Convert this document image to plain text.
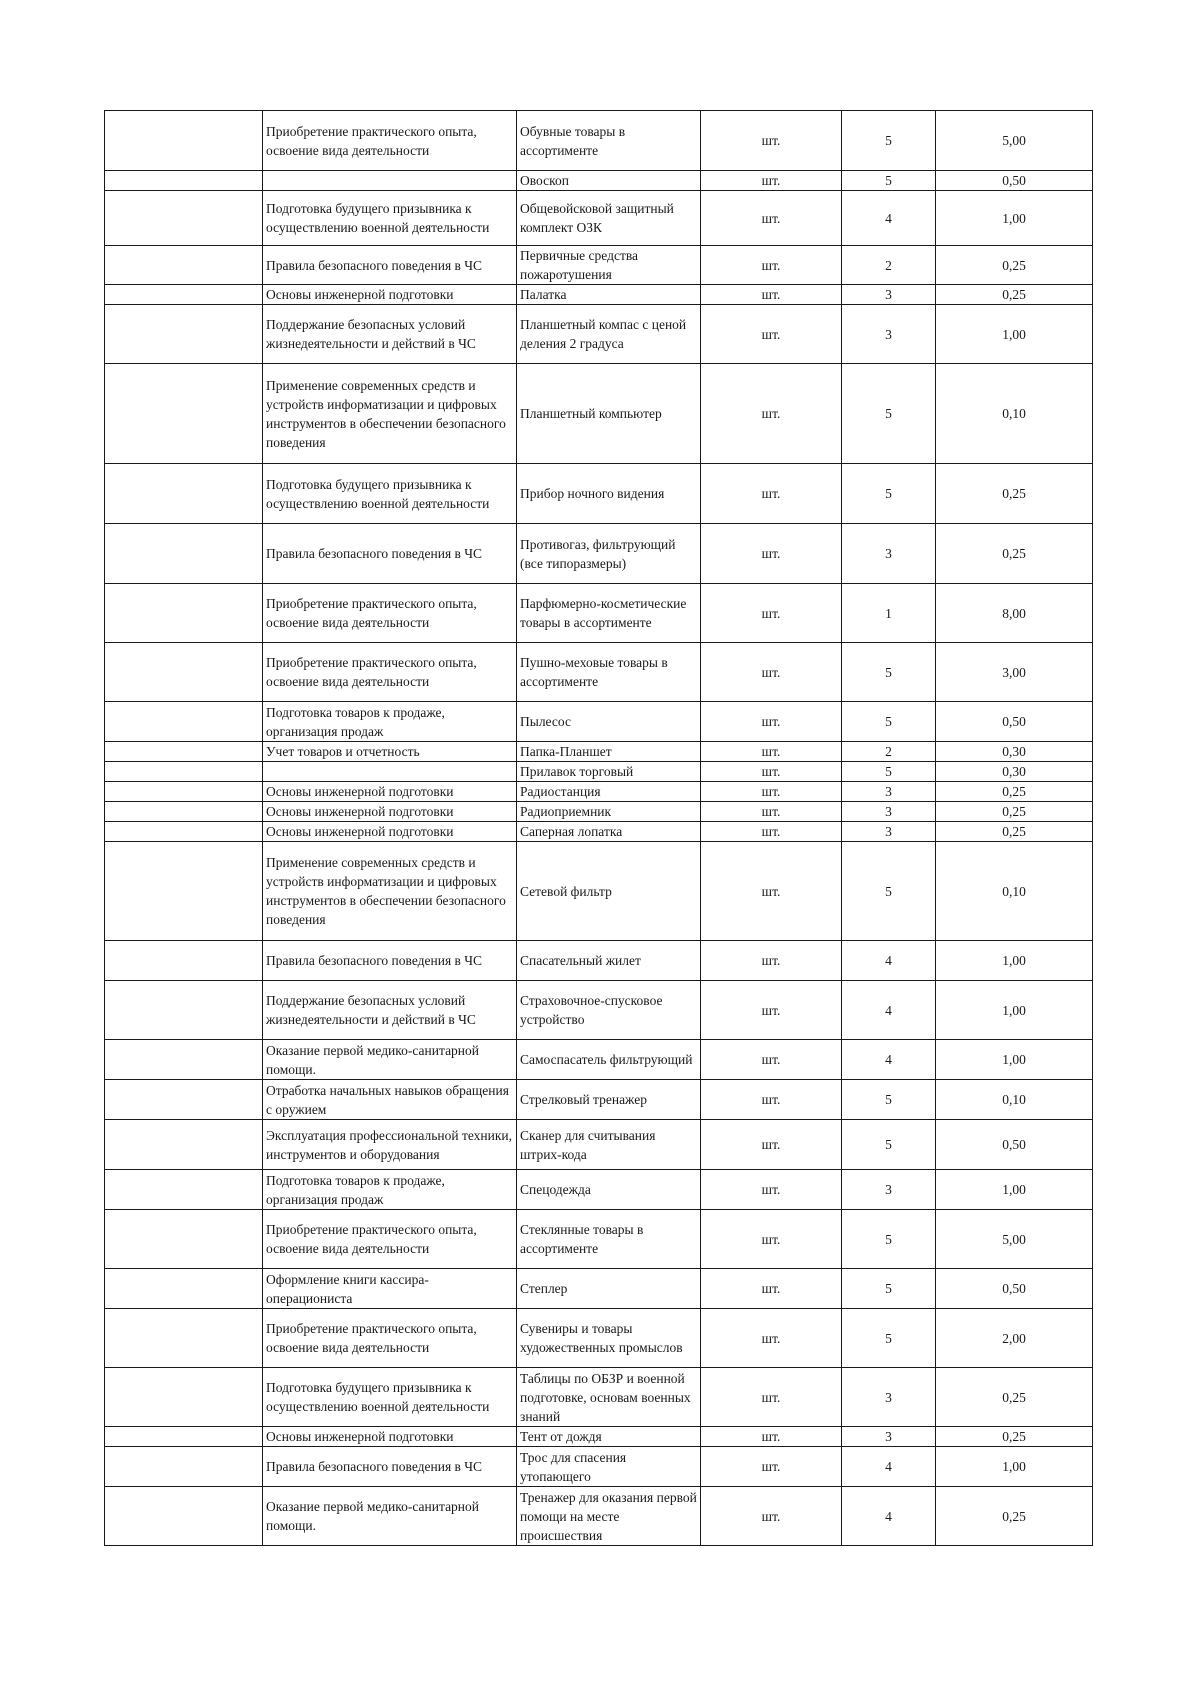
	Приобретение практического опыта, освоение вида деятельности	Обувные товары в ассортименте	шт.	5	5,00
		Овоскоп	шт.	5	0,50
	Подготовка будущего призывника к осуществлению военной деятельности	Общевойсковой защитный комплект ОЗК	шт.	4	1,00
	Правила безопасного поведения в ЧС	Первичные средства пожаротушения	шт.	2	0,25
	Основы инженерной подготовки	Палатка	шт.	3	0,25
	Поддержание безопасных условий жизнедеятельности и действий в ЧС	Планшетный компас с ценой деления 2 градуса	шт.	3	1,00
	Применение современных средств и устройств информатизации и цифровых инструментов в обеспечении безопасного поведения	Планшетный компьютер	шт.	5	0,10
	Подготовка будущего призывника к осуществлению военной деятельности	Прибор ночного видения	шт.	5	0,25
	Правила безопасного поведения в ЧС	Противогаз, фильтрующий (все типоразмеры)	шт.	3	0,25
	Приобретение практического опыта, освоение вида деятельности	Парфюмерно-косметические товары в ассортименте	шт.	1	8,00
	Приобретение практического опыта, освоение вида деятельности	Пушно-меховые товары в ассортименте	шт.	5	3,00
	Подготовка товаров к продаже, организация продаж	Пылесос	шт.	5	0,50
	Учет товаров и отчетность	Папка-Планшет	шт.	2	0,30
		Прилавок торговый	шт.	5	0,30
	Основы инженерной подготовки	Радиостанция	шт.	3	0,25
	Основы инженерной подготовки	Радиоприемник	шт.	3	0,25
	Основы инженерной подготовки	Саперная лопатка	шт.	3	0,25
	Применение современных средств и устройств информатизации и цифровых инструментов в обеспечении безопасного поведения	Сетевой фильтр	шт.	5	0,10
	Правила безопасного поведения в ЧС	Спасательный жилет	шт.	4	1,00
	Поддержание безопасных условий жизнедеятельности и действий в ЧС	Страховочное-спусковое устройство	шт.	4	1,00
	Оказание первой медико-санитарной помощи.	Самоспасатель фильтрующий	шт.	4	1,00
	Отработка начальных навыков обращения с оружием	Стрелковый тренажер	шт.	5	0,10
	Эксплуатация профессиональной техники, инструментов и оборудования	Сканер для считывания штрих-кода	шт.	5	0,50
	Подготовка товаров к продаже, организация продаж	Спецодежда	шт.	3	1,00
	Приобретение практического опыта, освоение вида деятельности	Стеклянные товары в ассортименте	шт.	5	5,00
	Оформление книги кассира-операциониста	Степлер	шт.	5	0,50
	Приобретение практического опыта, освоение вида деятельности	Сувениры и товары художественных промыслов	шт.	5	2,00
	Подготовка будущего призывника к осуществлению военной деятельности	Таблицы по ОБЗР и военной подготовке, основам военных знаний	шт.	3	0,25
	Основы инженерной подготовки	Тент от дождя	шт.	3	0,25
	Правила безопасного поведения в ЧС	Трос для спасения утопающего	шт.	4	1,00
	Оказание первой медико-санитарной помощи.	Тренажер для оказания первой помощи на месте происшествия	шт.	4	0,25
